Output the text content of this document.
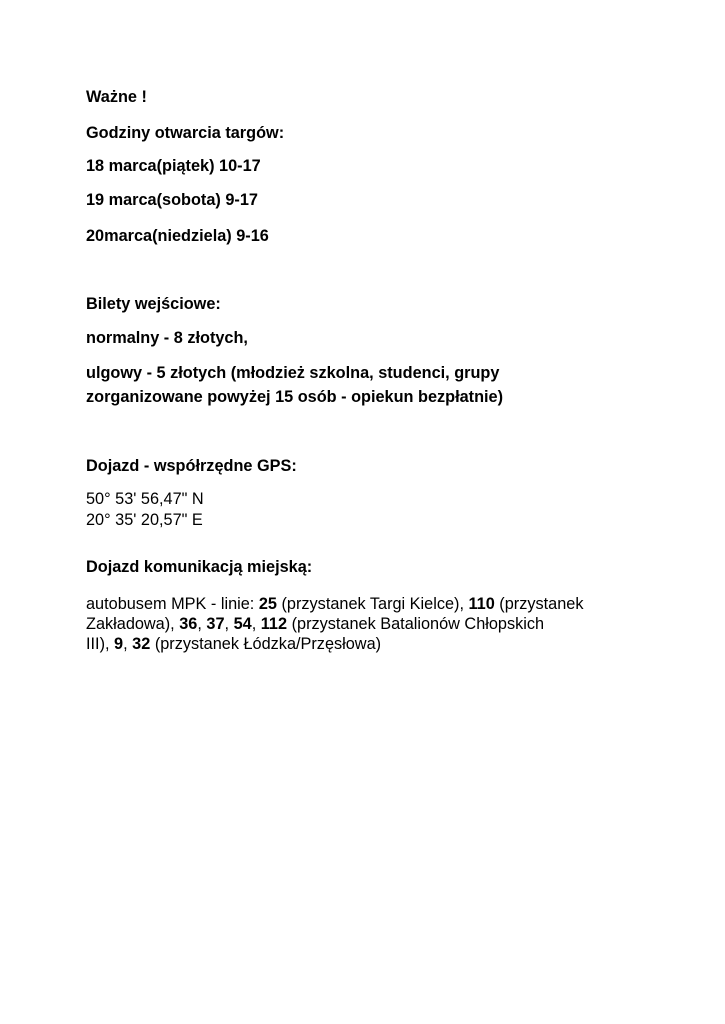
Ważne !
Godziny otwarcia targów:
18 marca(piątek) 10-17
19 marca(sobota) 9-17
20marca(niedziela) 9-16
Bilety wejściowe:
normalny - 8 złotych,
ulgowy - 5 złotych (młodzież szkolna, studenci, grupy
zorganizowane powyżej 15 osób - opiekun bezpłatnie)
Dojazd - współrzędne GPS:
50° 53' 56,47" N
20° 35' 20,57" E
Dojazd komunikacją miejską:
autobusem MPK - linie: 25 (przystanek Targi Kielce), 110 (przystanek
Zakładowa), 36, 37, 54, 112 (przystanek Batalionów Chłopskich
III), 9, 32 (przystanek Łódzka/Przęsłowa)
